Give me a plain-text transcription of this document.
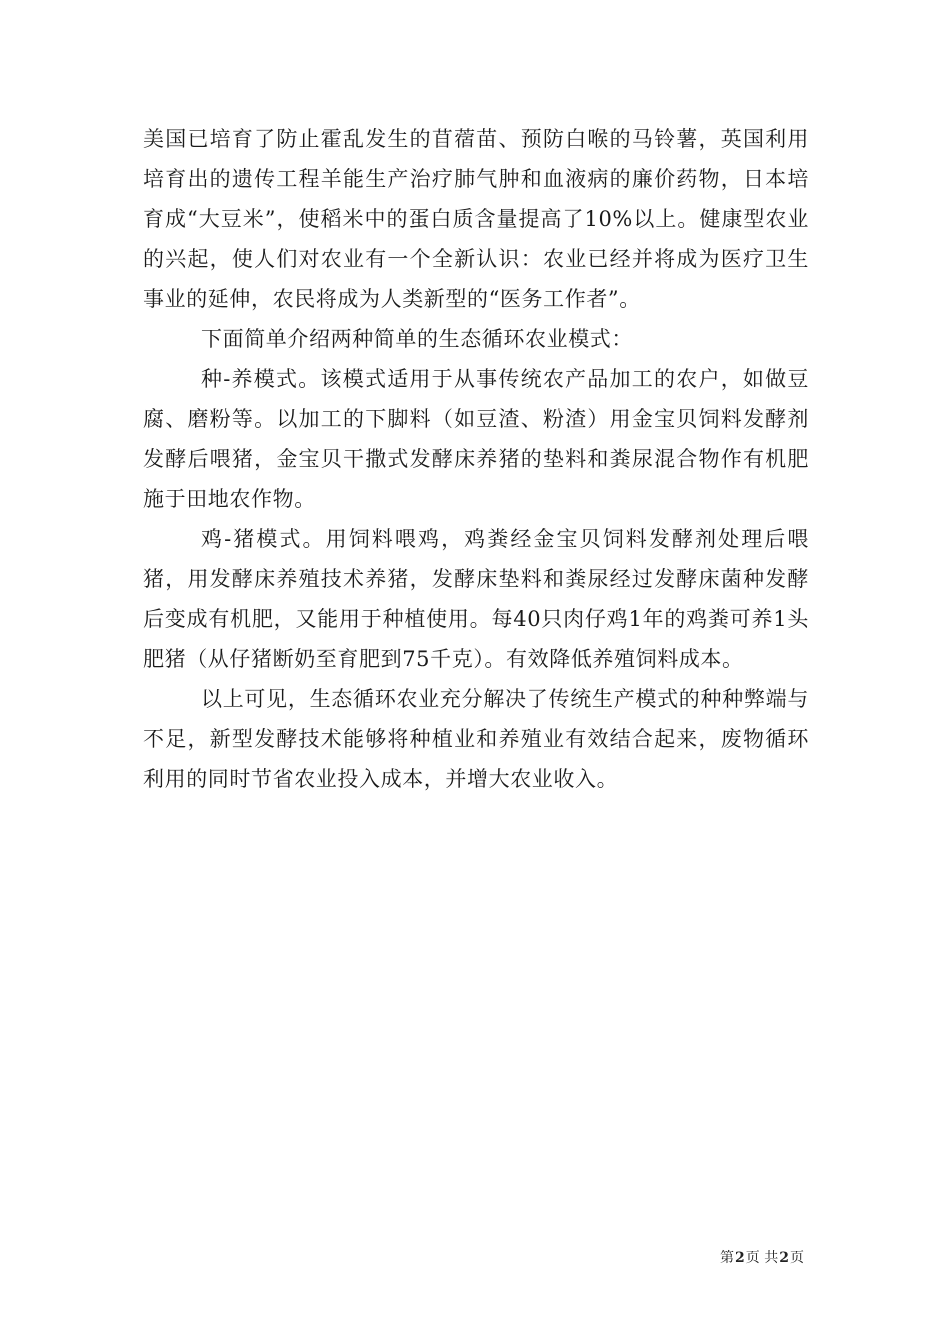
美国已培育了防止霍乱发生的苜蓿苗、预防白喉的马铃薯，英国利用培育出的遗传工程羊能生产治疗肺气肿和血液病的廉价药物，日本培育成“大豆米”，使稻米中的蛋白质含量提高了10%以上。健康型农业的兴起，使人们对农业有一个全新认识：农业已经并将成为医疗卫生事业的延伸，农民将成为人类新型的“医务工作者”。

下面简单介绍两种简单的生态循环农业模式：

种-养模式。该模式适用于从事传统农产品加工的农户，如做豆腐、磨粉等。以加工的下脚料（如豆渣、粉渣）用金宝贝饲料发酵剂发酵后喂猪，金宝贝干撒式发酵床养猪的垫料和粪尿混合物作有机肥施于田地农作物。

鸡-猪模式。用饲料喂鸡，鸡粪经金宝贝饲料发酵剂处理后喂猪，用发酵床养殖技术养猪，发酵床垫料和粪尿经过发酵床菌种发酵后变成有机肥，又能用于种植使用。每40只肉仔鸡1年的鸡粪可养1头肥猪（从仔猪断奶至育肥到75千克）。有效降低养殖饲料成本。

以上可见，生态循环农业充分解决了传统生产模式的种种弊端与不足，新型发酵技术能够将种植业和养殖业有效结合起来，废物循环利用的同时节省农业投入成本，并增大农业收入。

第2页 共2页
